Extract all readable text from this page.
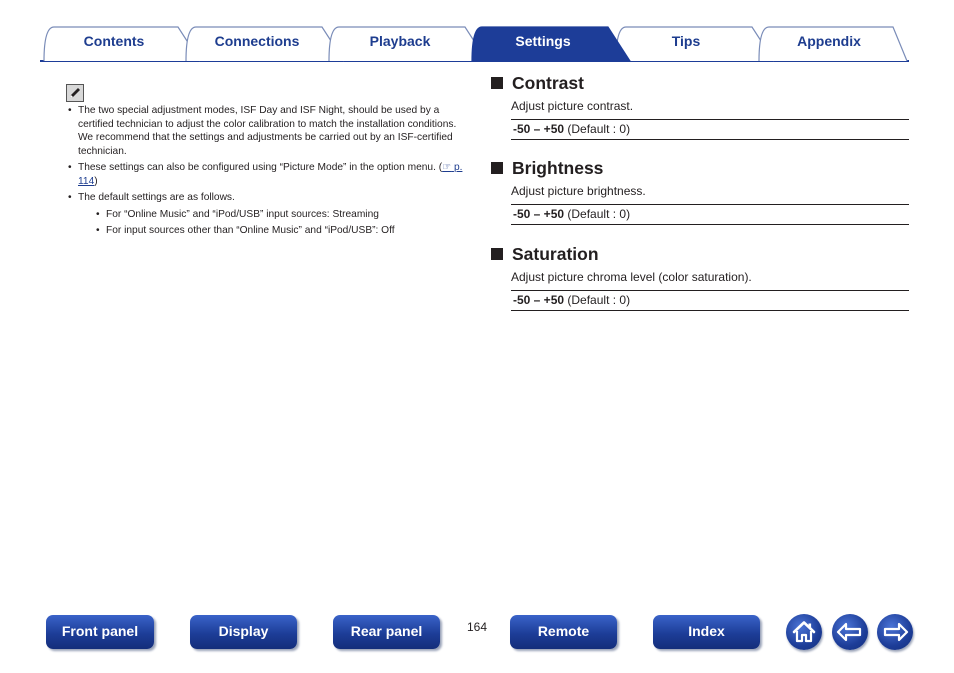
Contents	Connections	Playback	Settings	Tips	Appendix
• The two special adjustment modes, ISF Day and ISF Night, should be used by a certified technician to adjust the color calibration to match the installation conditions.
We recommend that the settings and adjustments be carried out by an ISF-certified technician.
• These settings can also be configured using “Picture Mode” in the option menu. (☞ p. 114)
• The default settings are as follows.
• For “Online Music” and “iPod/USB” input sources: Streaming
• For input sources other than “Online Music” and “iPod/USB”: Off
Contrast
Adjust picture contrast.
-50 – +50 (Default : 0)
Brightness
Adjust picture brightness.
-50 – +50 (Default : 0)
Saturation
Adjust picture chroma level (color saturation).
-50 – +50 (Default : 0)
Front panel	Display	Rear panel	164	Remote	Index
